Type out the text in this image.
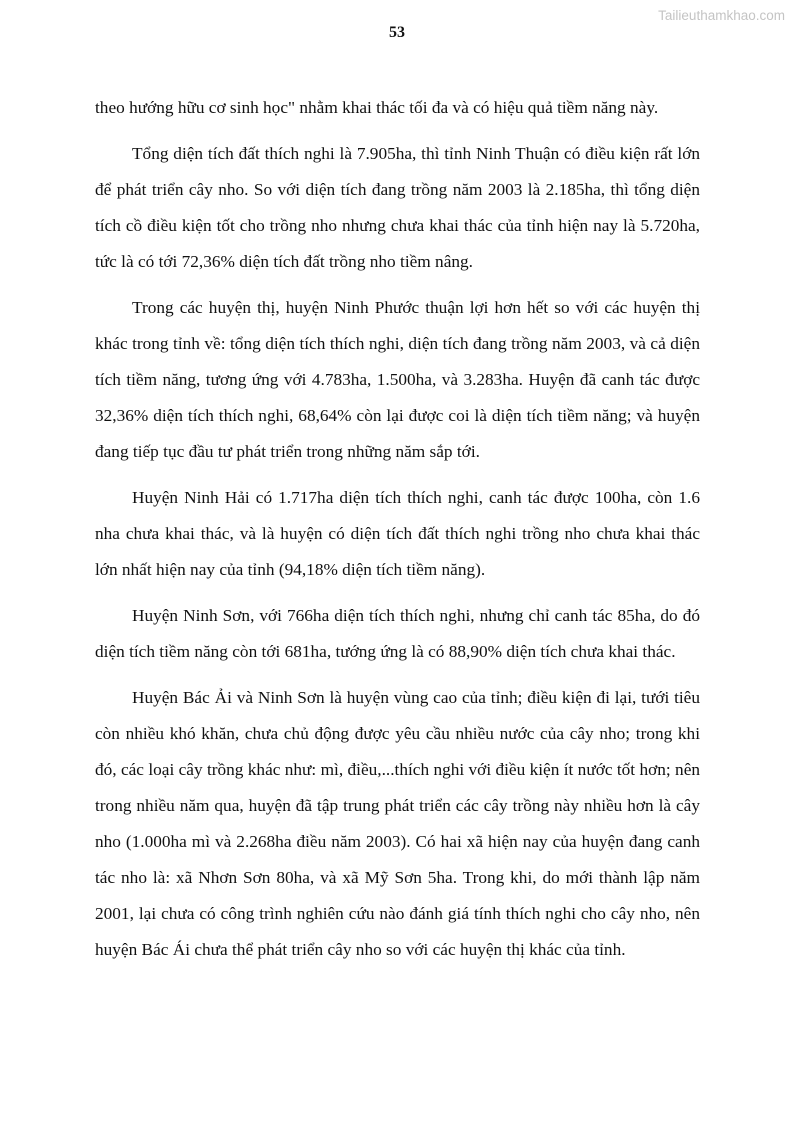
Tailieuthamkhao.com
53

theo hướng hữu cơ sinh học" nhằm khai thác tối đa và có hiệu quả tiềm năng này.

Tổng diện tích đất thích nghi là 7.905ha, thì tỉnh Ninh Thuận có điều kiện rất lớn để phát triển cây nho. So với diện tích đang trồng năm 2003 là 2.185ha, thì tổng diện tích cồ điều kiện tốt cho trồng nho nhưng chưa khai thác của tỉnh hiện nay là 5.720ha, tức là có tới 72,36% diện tích đất trồng nho tiềm nâng.

Trong các huyện thị, huyện Ninh Phước thuận lợi hơn hết so với các huyện thị khác trong tỉnh về: tổng diện tích thích nghi, diện tích đang trồng năm 2003, và cả diện tích tiềm năng, tương ứng với 4.783ha, 1.500ha, và 3.283ha. Huyện đã canh tác được 32,36% diện tích thích nghi, 68,64% còn lại được coi là diện tích tiềm năng; và huyện đang tiếp tục đầu tư phát triển trong những năm sắp tới.

Huyện Ninh Hải có 1.717ha diện tích thích nghi, canh tác được 100ha, còn 1.6 nha chưa khai thác, và là huyện có diện tích đất thích nghi trồng nho chưa khai thác lớn nhất hiện nay của tỉnh (94,18% diện tích tiềm năng).

Huyện Ninh Sơn, với 766ha diện tích thích nghi, nhưng chỉ canh tác 85ha, do đó diện tích tiềm năng còn tới 681ha, tướng ứng là có 88,90% diện tích chưa khai thác.

Huyện Bác Ải và Ninh Sơn là huyện vùng cao của tỉnh; điều kiện đi lại, tưới tiêu còn nhiều khó khăn, chưa chủ động được yêu cầu nhiều nước của cây nho; trong khi đó, các loại cây trồng khác như: mì, điều,...thích nghi với điều kiện ít nước tốt hơn; nên trong nhiều năm qua, huyện đã tập trung phát triển các cây trồng này nhiều hơn là cây nho (1.000ha mì và 2.268ha điều năm 2003). Có hai xã hiện nay của huyện đang canh tác nho là: xã Nhơn Sơn 80ha, và xã Mỹ Sơn 5ha. Trong khi, do mới thành lập năm 2001, lại chưa có công trình nghiên cứu nào đánh giá tính thích nghi cho cây nho, nên huyện Bác Ái chưa thể phát triển cây nho so với các huyện thị khác của tỉnh.
